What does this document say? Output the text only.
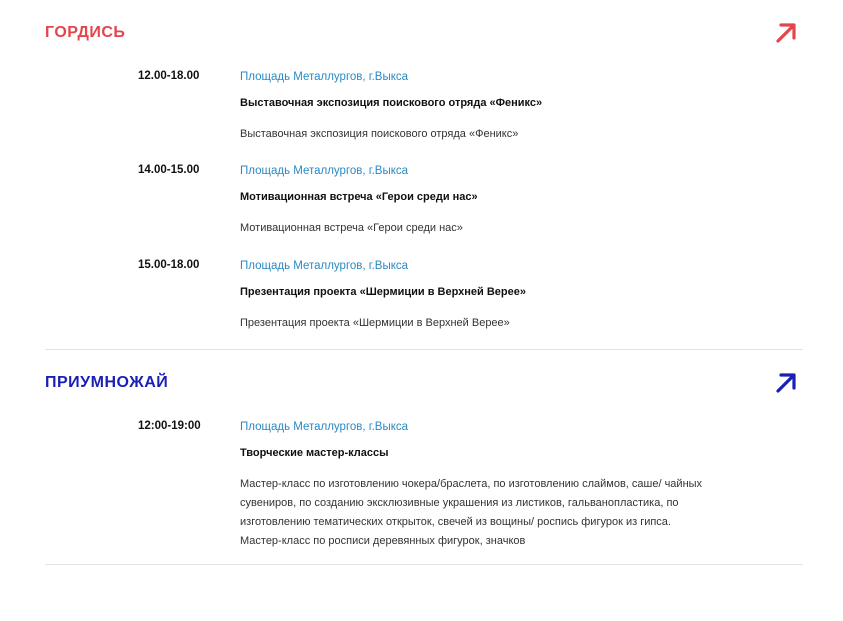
ГОРДИСЬ
12.00-18.00	Площадь Металлургов, г.Выкса
Выставочная экспозиция поискового отряда «Феникс»
Выставочная экспозиция поискового отряда «Феникс»
14.00-15.00	Площадь Металлургов, г.Выкса
Мотивационная встреча «Герои среди нас»
Мотивационная встреча «Герои среди нас»
15.00-18.00	Площадь Металлургов, г.Выкса
Презентация проекта «Шермиции в Верхней Верее»
Презентация проекта «Шермиции в Верхней Верее»
ПРИУМНОЖАЙ
12:00-19:00	Площадь Металлургов, г.Выкса
Творческие мастер-классы
Мастер-класс по изготовлению чокера/браслета, по изготовлению слаймов, саше/ чайных сувениров, по созданию эксклюзивные украшения из листиков, гальванопластика, по изготовлению тематических открыток, свечей из вощины/ роспись фигурок из гипса. Мастер-класс по росписи деревянных фигурок, значков
